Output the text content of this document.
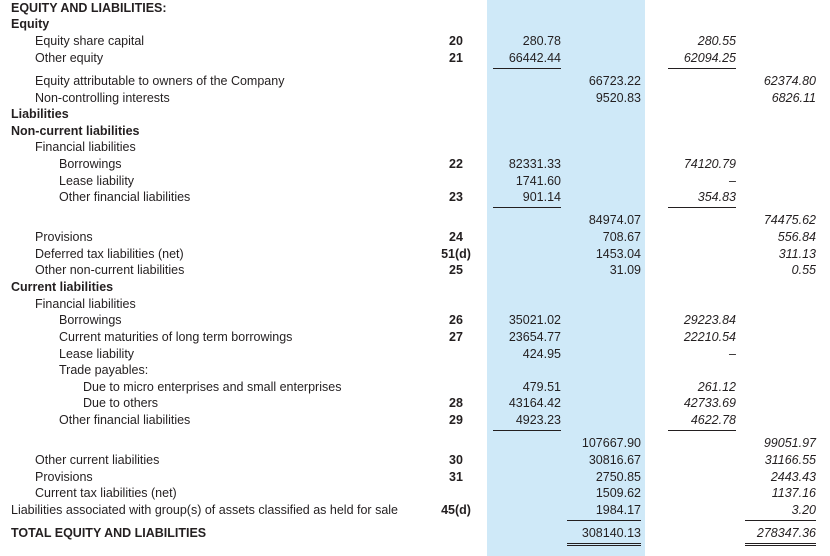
EQUITY AND LIABILITIES:
Equity
Equity share capital	20	280.78	280.55
Other equity	21	66442.44	62094.25
Equity attributable to owners of the Company	66723.22	62374.80
Non-controlling interests	9520.83	6826.11
Liabilities
Non-current liabilities
Financial liabilities
Borrowings	22	82331.33	74120.79
Lease liability	1741.60	–
Other financial liabilities	23	901.14	354.83
84974.07	74475.62
Provisions	24	708.67	556.84
Deferred tax liabilities (net)	51(d)	1453.04	311.13
Other non-current liabilities	25	31.09	0.55
Current liabilities
Financial liabilities
Borrowings	26	35021.02	29223.84
Current maturities of long term borrowings	27	23654.77	22210.54
Lease liability	424.95	–
Trade payables:
Due to micro enterprises and small enterprises	479.51	261.12
Due to others	28	43164.42	42733.69
Other financial liabilities	29	4923.23	4622.78
107667.90	99051.97
Other current liabilities	30	30816.67	31166.55
Provisions	31	2750.85	2443.43
Current tax liabilities (net)	1509.62	1137.16
Liabilities associated with group(s) of assets classified as held for sale	45(d)	1984.17	3.20
TOTAL EQUITY AND LIABILITIES	308140.13	278347.36
